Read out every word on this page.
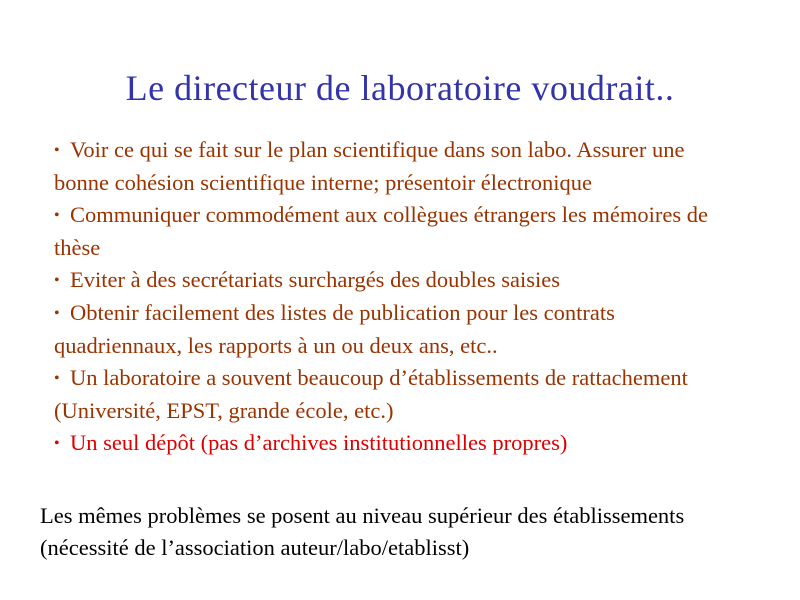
Le directeur de laboratoire voudrait..
• Voir ce qui se fait sur le plan scientifique dans son labo. Assurer une bonne cohésion scientifique interne; présentoir électronique
• Communiquer commodément aux collègues étrangers les mémoires de thèse
• Eviter à des secrétariats surchargés des doubles saisies
• Obtenir facilement des listes de publication pour les contrats quadriennaux, les rapports à un ou deux ans, etc..
• Un laboratoire a souvent beaucoup d’établissements de rattachement (Université, EPST, grande école, etc.)
• Un seul dépôt (pas d’archives institutionnelles propres)
Les mêmes problèmes se posent au niveau supérieur des établissements (nécessité de l’association auteur/labo/etablisst)
